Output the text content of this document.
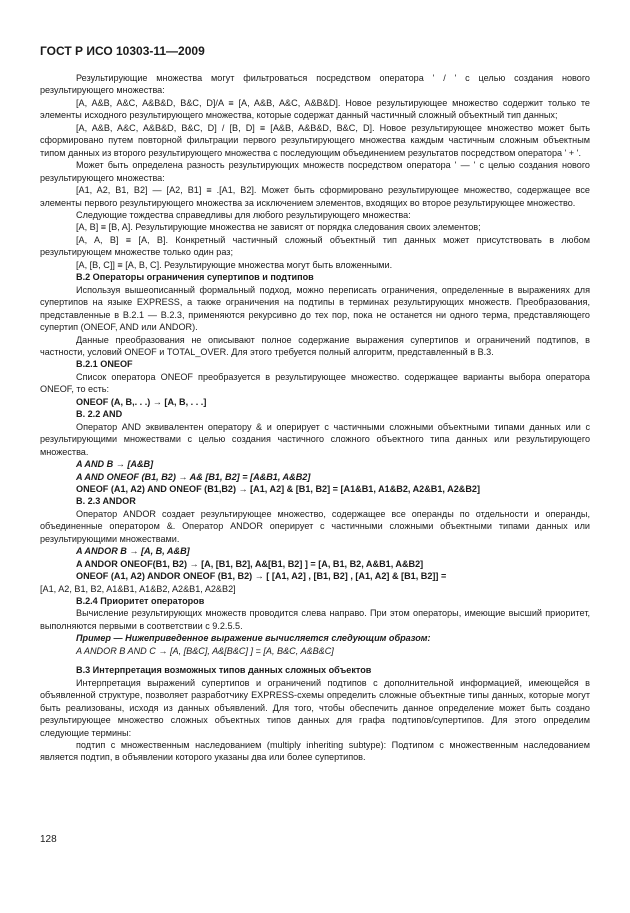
ГОСТ Р ИСО 10303-11—2009

Результирующие множества могут фильтроваться посредством оператора ' / ' с целью создания нового результирующего множества:

[A, A&B, A&C, A&B&D, B&C, D]/A ≡ [A, A&B, A&C, A&B&D]. Новое результирующее множество содержит только те элементы исходного результирующего множества, которые содержат данный частичный сложный объектный тип данных;

[A, A&B, A&C, A&B&D, B&C, D] / [B, D] ≡ [A&B, A&B&D, B&C, D]. Новое результирующее множество может быть сформировано путем повторной фильтрации первого результирующего множества каждым частичным сложным объектным типом данных из второго результирующего множества с последующим объединением результатов посредством оператора ' + '.

Может быть определена разность результирующих множеств посредством оператора ' — ' с целью создания нового результирующего множества:

[A1, A2, B1, B2] — [A2, B1] ≡ .[A1, B2]. Может быть сформировано результирующее множество, содержащее все элементы первого результирующего множества за исключением элементов, входящих во второе результирующее множество.

Следующие тождества справедливы для любого результирующего множества:

[A, B] ≡ [B, A]. Результирующие множества не зависят от порядка следования своих элементов;

[A, A, B] ≡ [A, B]. Конкретный частичный сложный объектный тип данных может присутствовать в любом результирующем множестве только один раз;

[A, [B, C]] ≡ [A, B, C]. Результирующие множества могут быть вложенными.

B.2 Операторы ограничения супертипов и подтипов

Используя вышеописанный формальный подход, можно переписать ограничения, определенные в выражениях для супертипов на языке EXPRESS, а также ограничения на подтипы в терминах результирующих множеств. Преобразования, представленные в B.2.1 — B.2.3, применяются рекурсивно до тех пор, пока не останется ни одного терма, представляющего супертип (ONEOF, AND или ANDOR).

Данные преобразования не описывают полное содержание выражения супертипов и ограничений подтипов, в частности, условий ONEOF и TOTAL_OVER. Для этого требуется полный алгоритм, представленный в B.3.

B.2.1 ONEOF

Список оператора ONEOF преобразуется в результирующее множество. содержащее варианты выбора оператора ONEOF, то есть:

ONEOF (A, B,. . .) → [A, B, . . .]

B. 2.2 AND

Оператор AND эквивалентен оператору & и оперирует с частичными сложными объектными типами данных или с результирующими множествами с целью создания частичного сложного объектного типа данных или результирующего множества.

A AND B → [A&B]

A AND ONEOF (B1, B2) → A& [B1, B2] = [A&B1, A&B2]

ONEOF (A1, A2) AND ONEOF (B1,B2) → [A1, A2] & [B1, B2] = [A1&B1, A1&B2, A2&B1, A2&B2]

B. 2.3 ANDOR

Оператор ANDOR создает результирующее множество, содержащее все операнды по отдельности и операнды, объединенные оператором &. Оператор ANDOR оперирует с частичными сложными объектными типами данных или результирующими множествами.

A ANDOR B → [A, B, A&B]

A ANDOR ONEOF(B1, B2) → [A, [B1, B2], A&[B1, B2] ] = [A, B1, B2, A&B1, A&B2]

ONEOF (A1, A2) ANDOR ONEOF (B1, B2) → [ [A1, A2] , [B1, B2] , [A1, A2] & [B1, B2]] =

[A1, A2, B1, B2, A1&B1, A1&B2, A2&B1, A2&B2]

B.2.4 Приоритет операторов

Вычисление результирующих множеств проводится слева направо. При этом операторы, имеющие высший приоритет, выполняются первыми в соответствии с 9.2.5.5.

Пример — Нижеприведенное выражение вычисляется следующим образом:

A ANDOR B AND C → [A, [B&C], A&[B&C] ] = [A, B&C, A&B&C]

B.3 Интерпретация возможных типов данных сложных объектов

Интерпретация выражений супертипов и ограничений подтипов с дополнительной информацией, имеющейся в объявленной структуре, позволяет разработчику EXPRESS-схемы определить сложные объектные типы данных, которые могут быть реализованы, исходя из данных объявлений. Для того, чтобы обеспечить данное определение может быть создано результирующее множество сложных объектных типов данных для графа подтипов/супертипов. Для этого определим следующие термины:

подтип с множественным наследованием (multiply inheriting subtype): Подтипом с множественным наследованием является подтип, в объявлении которого указаны два или более супертипов.

128
